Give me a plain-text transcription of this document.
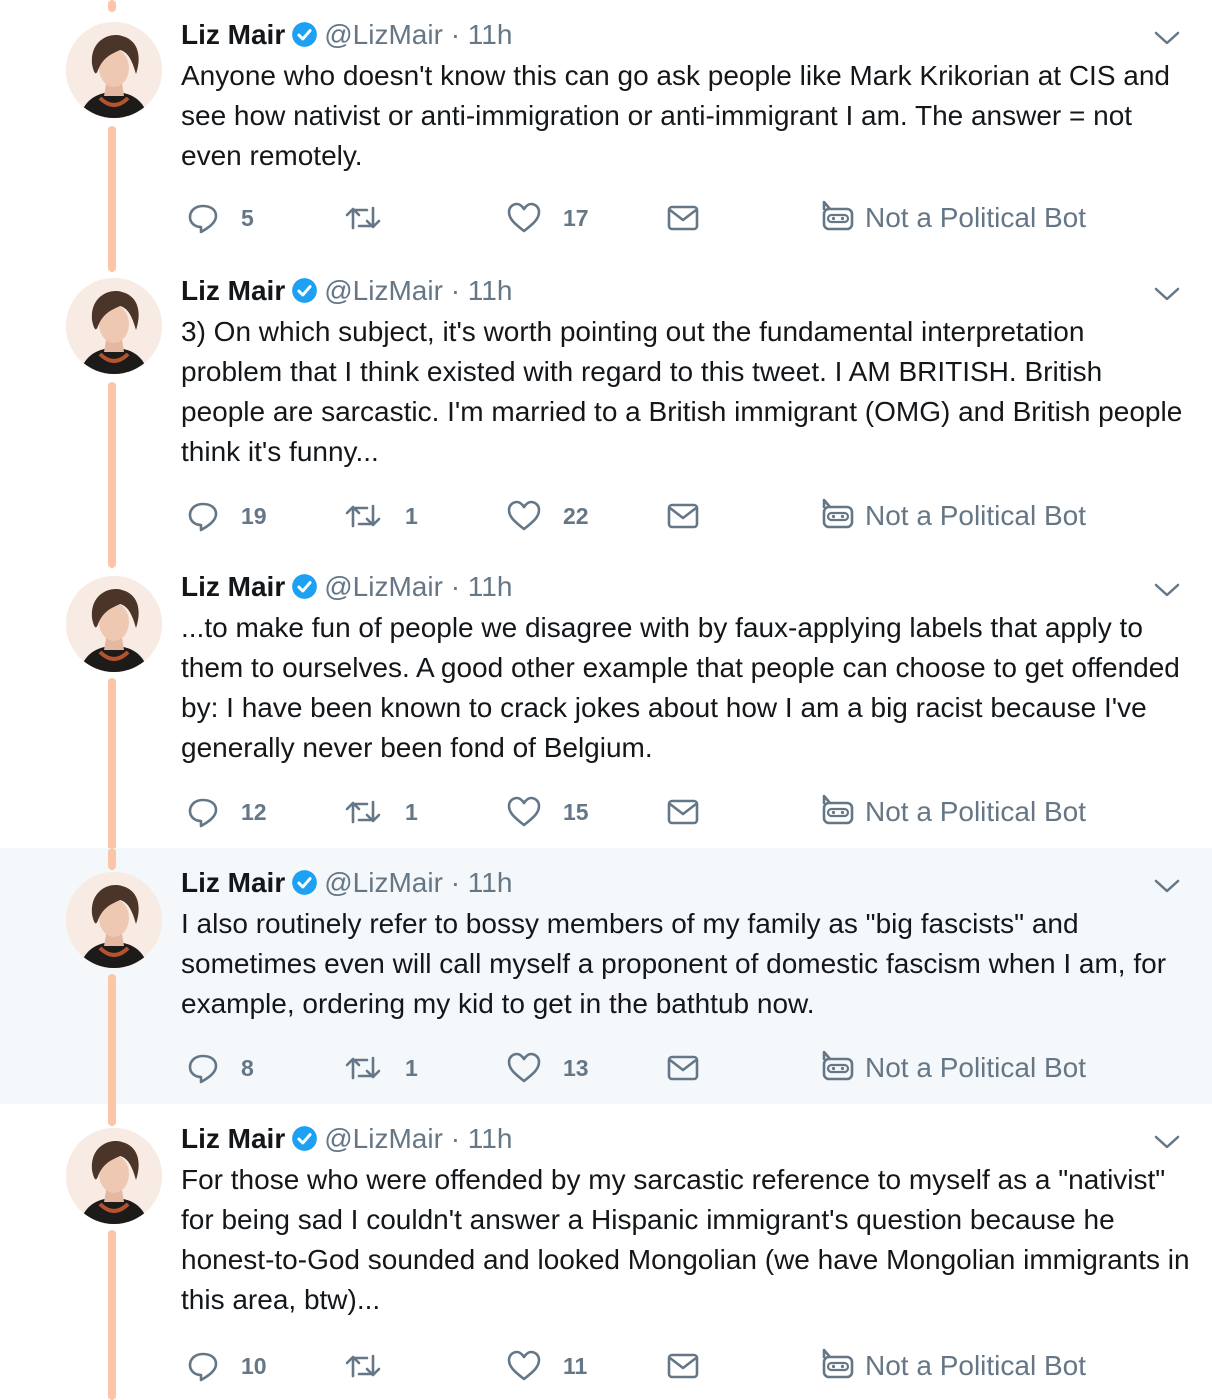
Liz Mair @LizMair · 11h
Anyone who doesn't know this can go ask people like Mark Krikorian at CIS and see how nativist or anti-immigration or anti-immigrant I am. The answer = not even remotely.
5	17	Not a Political Bot
Liz Mair @LizMair · 11h
3) On which subject, it's worth pointing out the fundamental interpretation problem that I think existed with regard to this tweet. I AM BRITISH. British people are sarcastic. I'm married to a British immigrant (OMG) and British people think it's funny...
19	1	22	Not a Political Bot
Liz Mair @LizMair · 11h
...to make fun of people we disagree with by faux-applying labels that apply to them to ourselves. A good other example that people can choose to get offended by: I have been known to crack jokes about how I am a big racist because I've generally never been fond of Belgium.
12	1	15	Not a Political Bot
Liz Mair @LizMair · 11h
I also routinely refer to bossy members of my family as "big fascists" and sometimes even will call myself a proponent of domestic fascism when I am, for example, ordering my kid to get in the bathtub now.
8	1	13	Not a Political Bot
Liz Mair @LizMair · 11h
For those who were offended by my sarcastic reference to myself as a "nativist" for being sad I couldn't answer a Hispanic immigrant's question because he honest-to-God sounded and looked Mongolian (we have Mongolian immigrants in this area, btw)...
10	11	Not a Political Bot
